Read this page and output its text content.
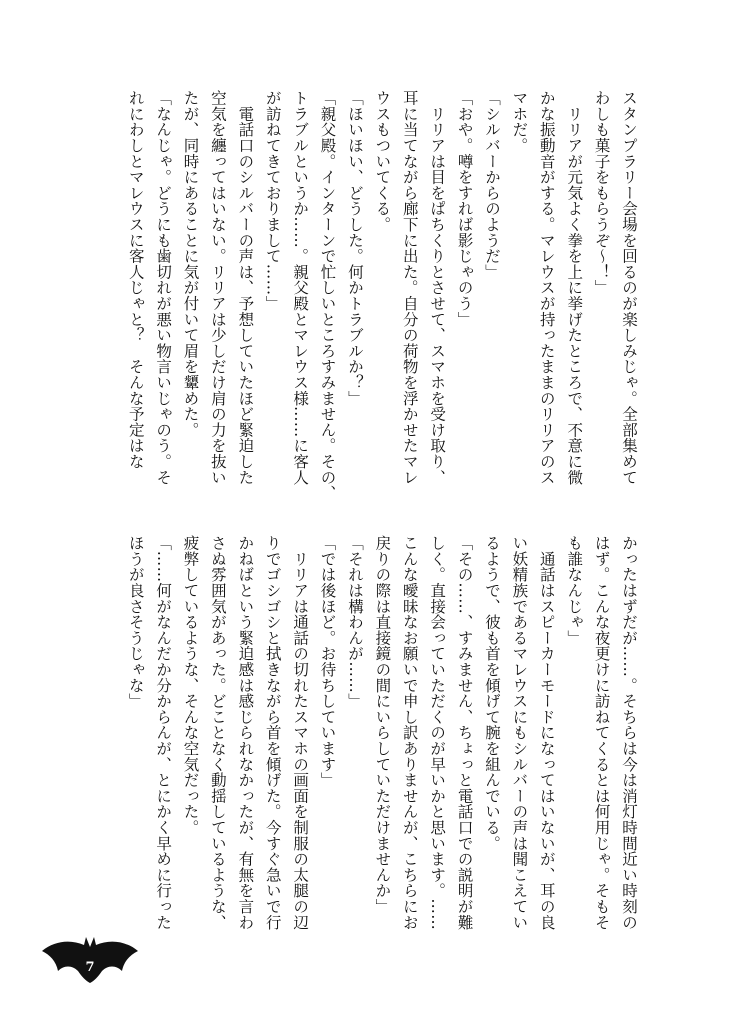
スタンプラリー会場を回るのが楽しみじゃ。全部集めて

わしも菓子をもらうぞ〜！」

　リリアが元気よく拳を上に挙げたところで、不意に微

かな振動音がする。マレウスが持ったままのリリアのス

マホだ。

「シルバーからのようだ」

「おや。噂をすれば影じゃのう」

　リリアは目をぱちくりとさせて、スマホを受け取り、

耳に当てながら廊下に出た。自分の荷物を浮かせたマレ

ウスもついてくる。

「ほいほい、どうした。何かトラブルか？」

「親父殿。インターンで忙しいところすみません。その、

トラブルというか……。親父殿とマレウス様……に客人

が訪ねてきておりまして……」

　電話口のシルバーの声は、予想していたほど緊迫した

空気を纏ってはいない。リリアは少しだけ肩の力を抜い

たが、同時にあることに気が付いて眉を顰めた。

「なんじゃ。どうにも歯切れが悪い物言いじゃのう。そ

れにわしとマレウスに客人じゃと？　そんな予定はな

かったはずだが……。そちらは今は消灯時間近い時刻の

はず。こんな夜更けに訪ねてくるとは何用じゃ。そもそ

も誰なんじゃ」

　通話はスピーカーモードになってはいないが、耳の良

い妖精族であるマレウスにもシルバーの声は聞こえてい

るようで、彼も首を傾げて腕を組んでいる。

「その……、すみません、ちょっと電話口での説明が難

しく。直接会っていただくのが早いかと思います。……

こんな曖昧なお願いで申し訳ありませんが、こちらにお

戻りの際は直接鏡の間にいらしていただけませんか」

「それは構わんが……」

「では後ほど。お待ちしています」

　リリアは通話の切れたスマホの画面を制服の太腿の辺

りでゴシゴシと拭きながら首を傾げた。今すぐ急いで行

かねばという緊迫感は感じられなかったが、有無を言わ

さぬ雰囲気があった。どことなく動揺しているような、

疲弊しているような、そんな空気だった。

「……何がなんだか分からんが、とにかく早めに行った

ほうが良さそうじゃな」

7
